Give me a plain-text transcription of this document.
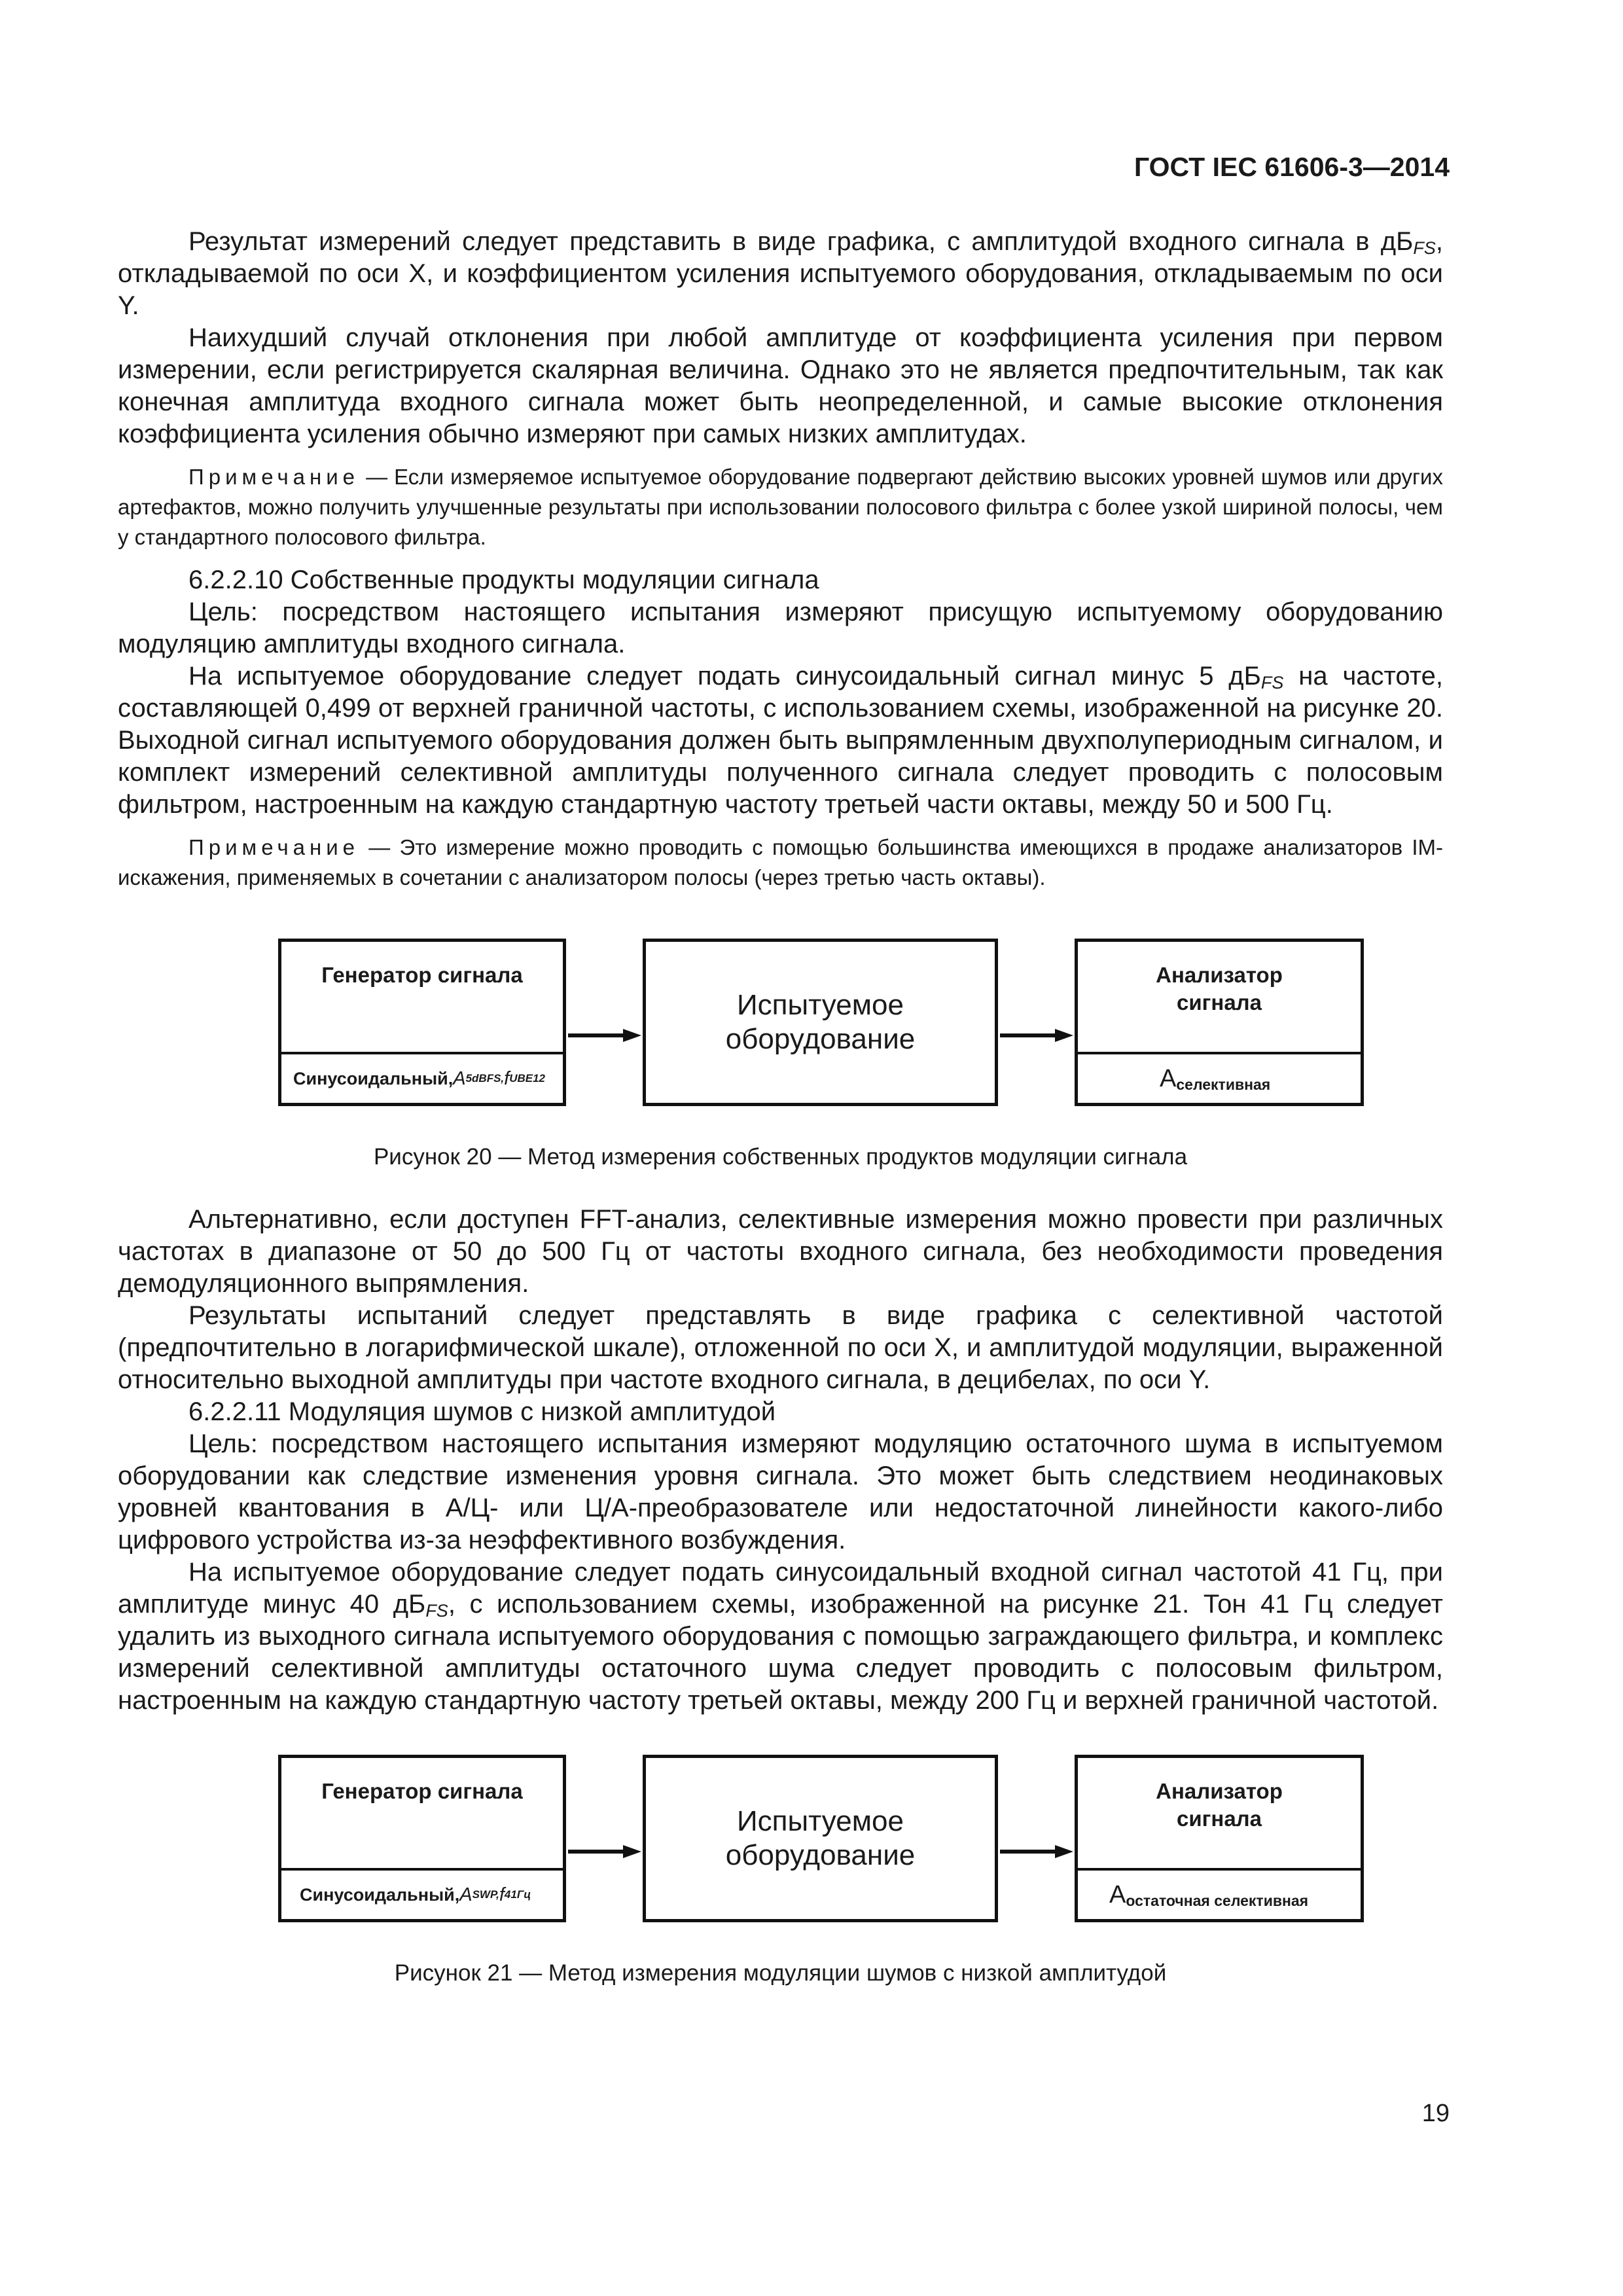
ГОСТ IEC 61606-3—2014

Результат измерений следует представить в виде графика, с амплитудой входного сигнала в $дБ_{FS}$, откладываемой по оси X, и коэффициентом усиления испытуемого оборудования, откладываемым по оси Y.

Наихудший случай отклонения при любой амплитуде от коэффициента усиления при первом измерении, если регистрируется скалярная величина. Однако это не является предпочтительным, так как конечная амплитуда входного сигнала может быть неопределенной, и самые высокие отклонения коэффициента усиления обычно измеряют при самых низких амплитудах.

Примечание — Если измеряемое испытуемое оборудование подвергают действию высоких уровней шумов или других артефактов, можно получить улучшенные результаты при использовании полосового фильтра с более узкой шириной полосы, чем у стандартного полосового фильтра.

6.2.2.10 Собственные продукты модуляции сигнала

Цель: посредством настоящего испытания измеряют присущую испытуемому оборудованию модуляцию амплитуды входного сигнала.

На испытуемое оборудование следует подать синусоидальный сигнал минус 5 $дБ_{FS}$ на частоте, составляющей 0,499 от верхней граничной частоты, с использованием схемы, изображенной на рисунке 20. Выходной сигнал испытуемого оборудования должен быть выпрямленным двухполупериодным сигналом, и комплект измерений селективной амплитуды полученного сигнала следует проводить с полосовым фильтром, настроенным на каждую стандартную частоту третьей части октавы, между 50 и 500 Гц.

Примечание — Это измерение можно проводить с помощью большинства имеющихся в продаже анализаторов IM-искажения, применяемых в сочетании с анализатором полосы (через третью часть октавы).

Генератор сигнала
Синусоидальный, A 5dBFS, f UBE12
Испытуемое оборудование
Анализатор сигнала
A селективная

Рисунок 20 — Метод измерения собственных продуктов модуляции сигнала

Альтернативно, если доступен FFT-анализ, селективные измерения можно провести при различных частотах в диапазоне от 50 до 500 Гц от частоты входного сигнала, без необходимости проведения демодуляционного выпрямления.

Результаты испытаний следует представлять в виде графика с селективной частотой (предпочтительно в логарифмической шкале), отложенной по оси X, и амплитудой модуляции, выраженной относительно выходной амплитуды при частоте входного сигнала, в децибелах, по оси Y.

6.2.2.11 Модуляция шумов с низкой амплитудой

Цель: посредством настоящего испытания измеряют модуляцию остаточного шума в испытуемом оборудовании как следствие изменения уровня сигнала. Это может быть следствием неодинаковых уровней квантования в А/Ц- или Ц/А-преобразователе или недостаточной линейности какого-либо цифрового устройства из-за неэффективного возбуждения.

На испытуемое оборудование следует подать синусоидальный входной сигнал частотой 41 Гц, при амплитуде минус 40 $дБ_{FS}$, с использованием схемы, изображенной на рисунке 21. Тон 41 Гц следует удалить из выходного сигнала испытуемого оборудования с помощью заграждающего фильтра, и комплекс измерений селективной амплитуды остаточного шума следует проводить с полосовым фильтром, настроенным на каждую стандартную частоту третьей октавы, между 200 Гц и верхней граничной частотой.

Генератор сигнала
Синусоидальный, A SWP, f 41Гц
Испытуемое оборудование
Анализатор сигнала
A остаточная селективная

Рисунок 21 — Метод измерения модуляции шумов с низкой амплитудой

19
